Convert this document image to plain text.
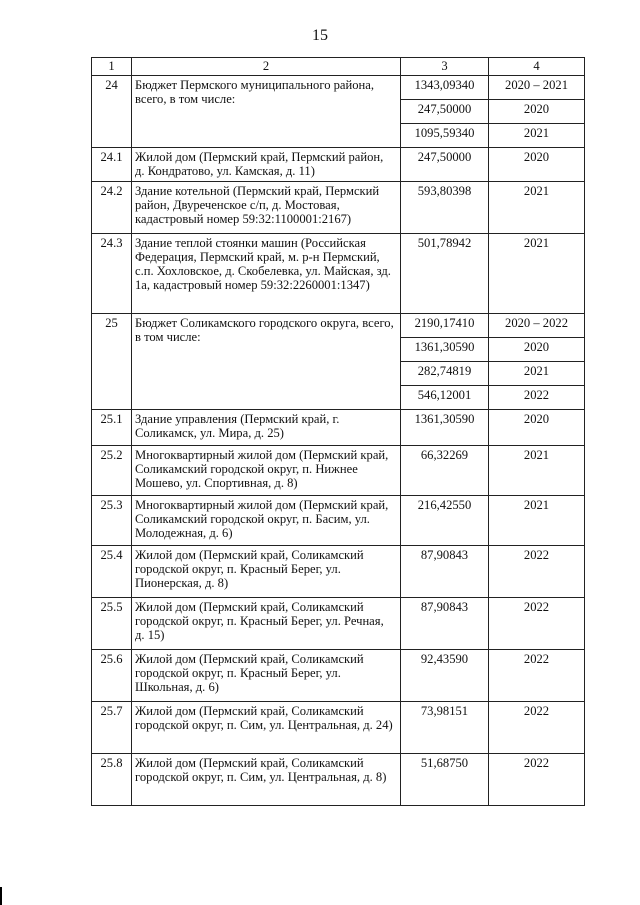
15
1	2	3	4
24	Бюджет Пермского муниципального района, всего, в том числе:	1343,09340	2020 – 2021
		247,50000	2020
		1095,59340	2021
24.1	Жилой дом (Пермский край, Пермский район, д. Кондратово, ул. Камская, д. 11)	247,50000	2020
24.2	Здание котельной (Пермский край, Пермский район, Двуреченское с/п, д. Мостовая, кадастровый номер 59:32:1100001:2167)	593,80398	2021
24.3	Здание теплой стоянки машин (Российская Федерация, Пермский край, м. р-н Пермский, с.п. Хохловское, д. Скобелевка, ул. Майская, зд. 1а, кадастровый номер 59:32:2260001:1347)	501,78942	2021
25	Бюджет Соликамского городского округа, всего, в том числе:	2190,17410	2020 – 2022
		1361,30590	2020
		282,74819	2021
		546,12001	2022
25.1	Здание управления (Пермский край, г. Соликамск, ул. Мира, д. 25)	1361,30590	2020
25.2	Многоквартирный жилой дом (Пермский край, Соликамский городской округ, п. Нижнее Мошево, ул. Спортивная, д. 8)	66,32269	2021
25.3	Многоквартирный жилой дом (Пермский край, Соликамский городской округ, п. Басим, ул. Молодежная, д. 6)	216,42550	2021
25.4	Жилой дом (Пермский край, Соликамский городской округ, п. Красный Берег, ул. Пионерская, д. 8)	87,90843	2022
25.5	Жилой дом (Пермский край, Соликамский городской округ, п. Красный Берег, ул. Речная, д. 15)	87,90843	2022
25.6	Жилой дом (Пермский край, Соликамский городской округ, п. Красный Берег, ул. Школьная, д. 6)	92,43590	2022
25.7	Жилой дом (Пермский край, Соликамский городской округ, п. Сим, ул. Центральная, д. 24)	73,98151	2022
25.8	Жилой дом (Пермский край, Соликамский городской округ, п. Сим, ул. Центральная, д. 8)	51,68750	2022
